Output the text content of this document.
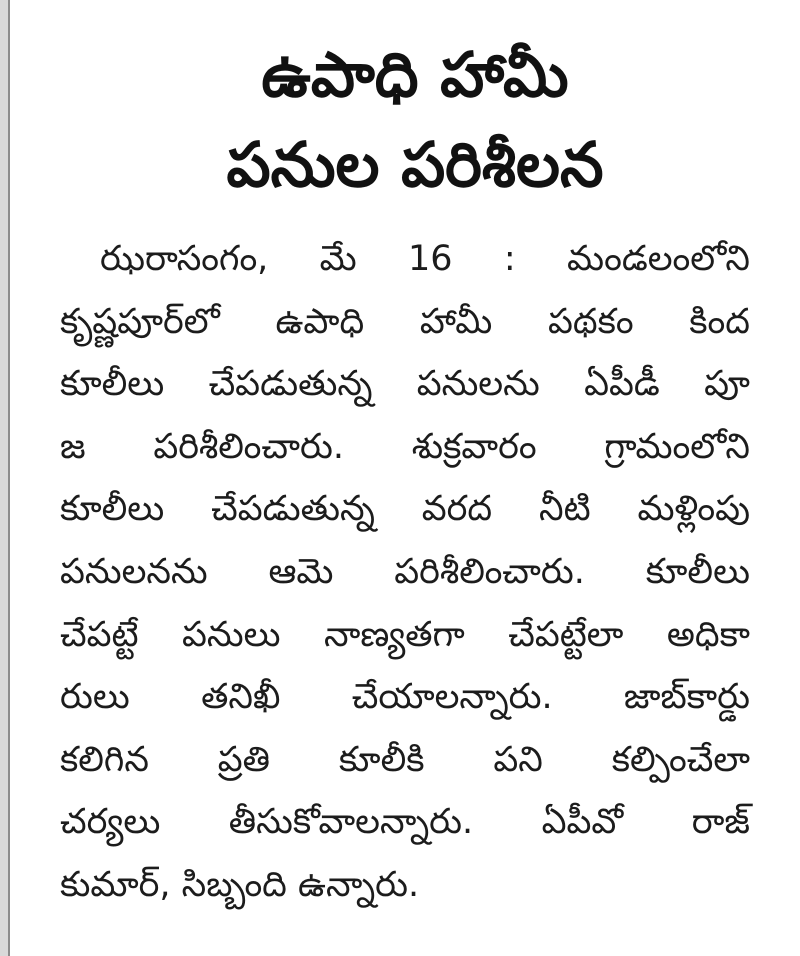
ఉపాధి హామీ
పనుల పరిశీలన
ఝరాసంగం, మే 16 : మండలంలోని
కృష్ణపూర్‌లో ఉపాధి హామీ పథకం కింద
కూలీలు చేపడుతున్న పనులను ఏపీడీ పూ
జ పరిశీలించారు. శుక్రవారం గ్రామంలోని
కూలీలు చేపడుతున్న వరద నీటి మళ్లింపు
పనులనను ఆమె పరిశీలించారు. కూలీలు
చేపట్టే పనులు నాణ్యతగా చేపట్టేలా అధికా
రులు తనిఖీ చేయాలన్నారు. జాబ్‌కార్డు
కలిగిన ప్రతి కూలీకి పని కల్పించేలా
చర్యలు తీసుకోవాలన్నారు. ఏపీవో రాజ్
కుమార్, సిబ్బంది ఉన్నారు.
